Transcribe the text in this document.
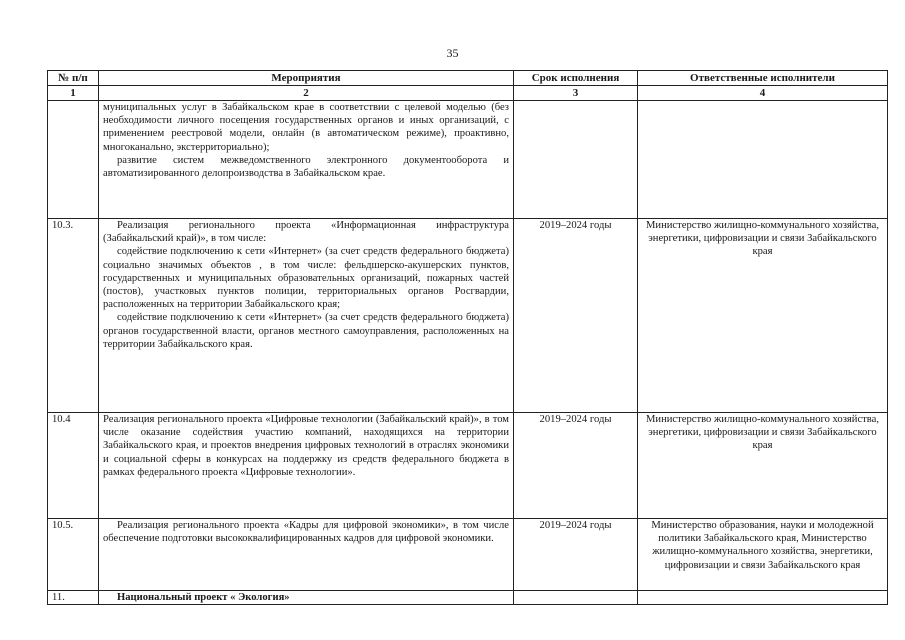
35
№ п/п	Мероприятия	Срок исполнения	Ответственные исполнители
1	2	3	4

	муниципальных услуг в Забайкальском крае в соответствии с целевой моделью (без необходимости личного посещения государственных органов и иных организаций, с применением реестровой модели, онлайн (в автоматическом режиме), проактивно, многоканально, экстерриториально);
развитие систем межведомственного электронного документооборота и автоматизированного делопроизводства в Забайкальском крае.		

10.3.	Реализация регионального проекта «Информационная инфраструктура (Забайкальский край)», в том числе:
содействие подключению к сети «Интернет» (за счет средств федерального бюджета) социально значимых объектов , в том числе: фельдшерско-акушерских пунктов, государственных и муниципальных образовательных организаций, пожарных частей (постов), участковых пунктов полиции, территориальных органов Росгвардии, расположенных на территории Забайкальского края;
содействие подключению к сети «Интернет» (за счет средств федерального бюджета) органов государственной власти, органов местного самоуправления, расположенных на территории Забайкальского края.	2019–2024 годы	Министерство жилищно-коммунального хозяйства, энергетики, цифровизации и связи Забайкальского края
10.4	Реализация регионального проекта «Цифровые технологии (Забайкальский край)», в том числе оказание содействия участию компаний, находящихся на территории Забайкальского края, и проектов внедрения цифровых технологий в отраслях экономики и социальной сферы в конкурсах на поддержку из средств федерального бюджета в рамках федерального проекта «Цифровые технологии».	2019–2024 годы	Министерство жилищно-коммунального хозяйства, энергетики, цифровизации и связи Забайкальского края
10.5.	Реализация регионального проекта «Кадры для цифровой экономики», в том числе обеспечение подготовки высококвалифицированных кадров для цифровой экономики.	2019–2024 годы	Министерство образования, науки и молодежной политики Забайкальского края, Министерство жилищно-коммунального хозяйства, энергетики, цифровизации и связи Забайкальского края
11.	Национальный проект « Экология»		
